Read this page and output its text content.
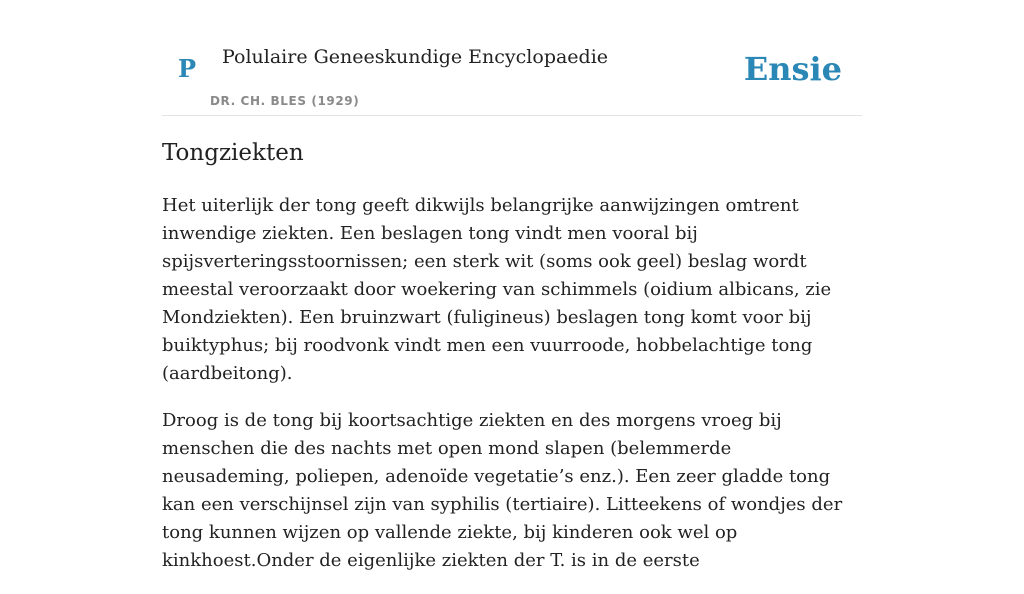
P Polulaire Geneeskundige Encyclopaedie
DR. CH. BLES (1929)
Ensie
Tongziekten

Het uiterlijk der tong geeft dikwijls belangrijke aanwijzingen omtrent inwendige ziekten. Een beslagen tong vindt men vooral bij spijsverteringsstoornissen; een sterk wit (soms ook geel) beslag wordt meestal veroorzaakt door woekering van schimmels (oidium albicans, zie Mondziekten). Een bruinzwart (fuligineus) beslagen tong komt voor bij buiktyphus; bij roodvonk vindt men een vuurroode, hobbelachtige tong (aardbeitong).

Droog is de tong bij koortsachtige ziekten en des morgens vroeg bij menschen die des nachts met open mond slapen (belemmerde neusademing, poliepen, adenoïde vegetatie’s enz.). Een zeer gladde tong kan een verschijnsel zijn van syphilis (tertiaire). Litteekens of wondjes der tong kunnen wijzen op vallende ziekte, bij kinderen ook wel op kinkhoest.Onder de eigenlijke ziekten der T. is in de eerste
